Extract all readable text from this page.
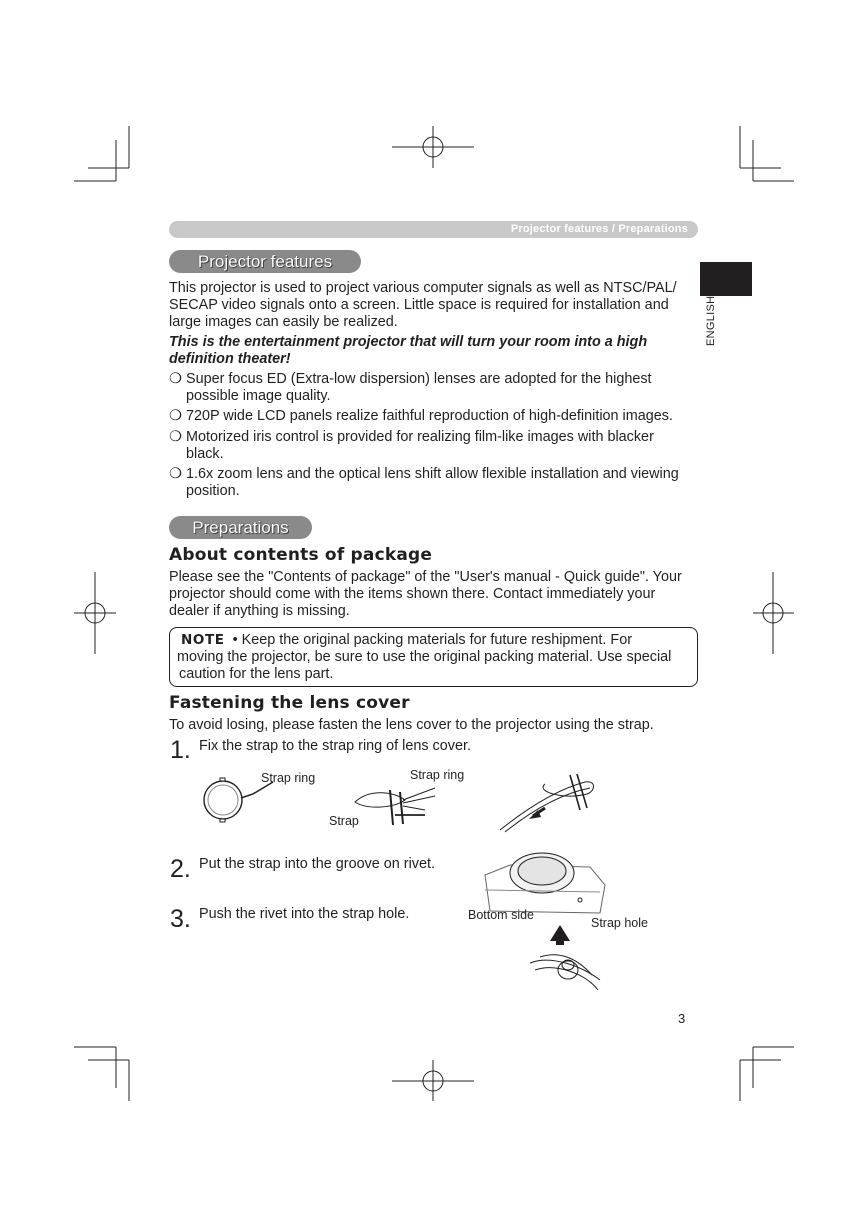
Projector features / Preparations
ENGLISH
Projector features
This projector is used to project various computer signals as well as NTSC/PAL/
SECAP video signals onto a screen. Little space is required for installation and
large images can easily be realized.
This is the entertainment projector that will turn your room into a high
definition theater!
❍ Super focus ED (Extra-low dispersion) lenses are adopted for the highest
possible image quality.
❍ 720P wide LCD panels realize faithful reproduction of high-definition images.
❍ Motorized iris control is provided for realizing film-like images with blacker
black.
❍ 1.6x zoom lens and the optical lens shift allow flexible installation and viewing
position.
Preparations
About contents of package
Please see the "Contents of package" of the "User's manual - Quick guide". Your
projector should come with the items shown there. Contact immediately your
dealer if anything is missing.
NOTE • Keep the original packing materials for future reshipment. For
moving the projector, be sure to use the original packing material. Use special
caution for the lens part.
Fastening the lens cover
To avoid losing, please fasten the lens cover to the projector using the strap.
1. Fix the strap to the strap ring of lens cover.
2. Put the strap into the groove on rivet.
3. Push the rivet into the strap hole.
Strap ring	Strap ring
Strap
Bottom side
Strap hole
3
